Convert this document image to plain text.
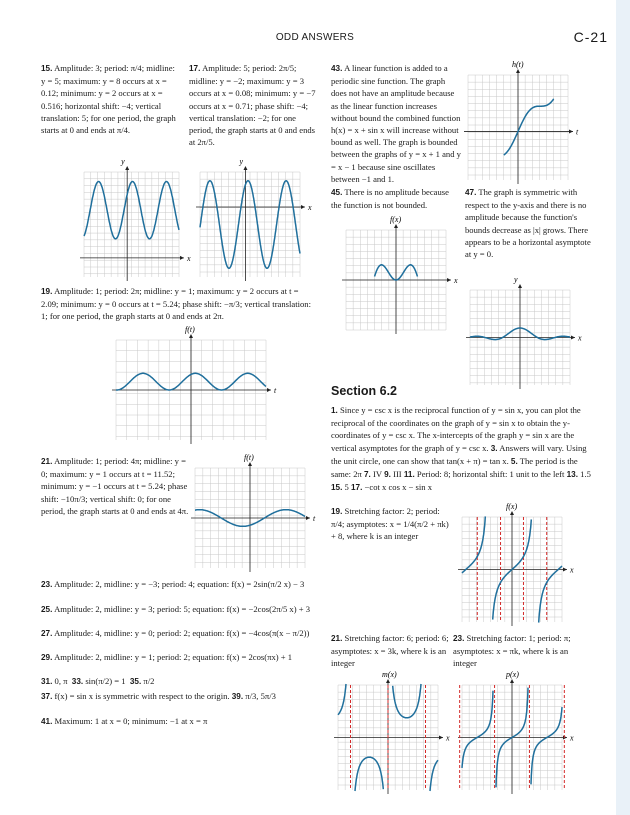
ODD ANSWERS	C-21
15. Amplitude: 3; period: π/4; midline: y = 5; maximum: y = 8 occurs at x = 0.12; minimum: y = 2 occurs at x = 0.516; horizontal shift: −4; vertical translation: 5; for one period, the graph starts at 0 and ends at π/4.
17. Amplitude: 5; period: 2π/5; midline: y = −2; maximum: y = 3 occurs at x = 0.08; minimum: y = −7 occurs at x = 0.71; phase shift: −4; vertical translation: −2; for one period, the graph starts at 0 and ends at 2π/5.
19. Amplitude: 1; period: 2π; midline: y = 1; maximum: y = 2 occurs at t = 2.09; minimum: y = 0 occurs at t = 5.24; phase shift: −π/3; vertical translation: 1; for one period, the graph starts at 0 and ends at 2π.
21. Amplitude: 1; period: 4π; midline: y = 0; maximum: y = 1 occurs at t = 11.52; minimum: y = −1 occurs at t = 5.24; phase shift: −10π/3; vertical shift: 0; for one period, the graph starts at 0 and ends at 4π.
23. Amplitude: 2, midline: y = −3; period: 4; equation: f(x) = 2sin(π/2 x) − 3
25. Amplitude: 2, midline: y = 3; period: 5; equation: f(x) = −2cos(2π/5 x) + 3
27. Amplitude: 4, midline: y = 0; period: 2; equation: f(x) = −4cos(π(x − π/2))
29. Amplitude: 2, midline: y = 1; period: 2; equation: f(x) = 2cos(πx) + 1
31. 0, π 33. sin(π/2) = 1 35. π/2
37. f(x) = sin x is symmetric with respect to the origin. 39. π/3, 5π/3
41. Maximum: 1 at x = 0; minimum: −1 at x = π
43. A linear function is added to a periodic sine function. The graph does not have an amplitude because as the linear function increases without bound the combined function h(x) = x + sin x will increase without bound as well. The graph is bounded between the graphs of y = x + 1 and y = x − 1 because sine oscillates between −1 and 1.
45. There is no amplitude because the function is not bounded.
47. The graph is symmetric with respect to the y-axis and there is no amplitude because the function's bounds decrease as |x| grows. There appears to be a horizontal asymptote at y = 0.
Section 6.2
1. Since y = csc x is the reciprocal function of y = sin x, you can plot the reciprocal of the coordinates on the graph of y = sin x to obtain the y-coordinates of y = csc x. The x-intercepts of the graph y = sin x are the vertical asymptotes for the graph of y = csc x. 3. Answers will vary. Using the unit circle, one can show that tan(x + π) = tan x. 5. The period is the same: 2π 7. IV 9. III 11. Period: 8; horizontal shift: 1 unit to the left 13. 1.5 15. 5 17. −cot x cos x − sin x
19. Stretching factor: 2; period: π/4; asymptotes: x = 1/4(π/2 + πk) + 8, where k is an integer
21. Stretching factor: 6; period: 6; asymptotes: x = 3k, where k is an integer
23. Stretching factor: 1; period: π; asymptotes: x = πk, where k is an integer
y
x
y
x
f(t)
t
f(t)
t
h(t)
t
f(x)
x	y
x
f(x)
x
m(x)
x
p(x)
x
